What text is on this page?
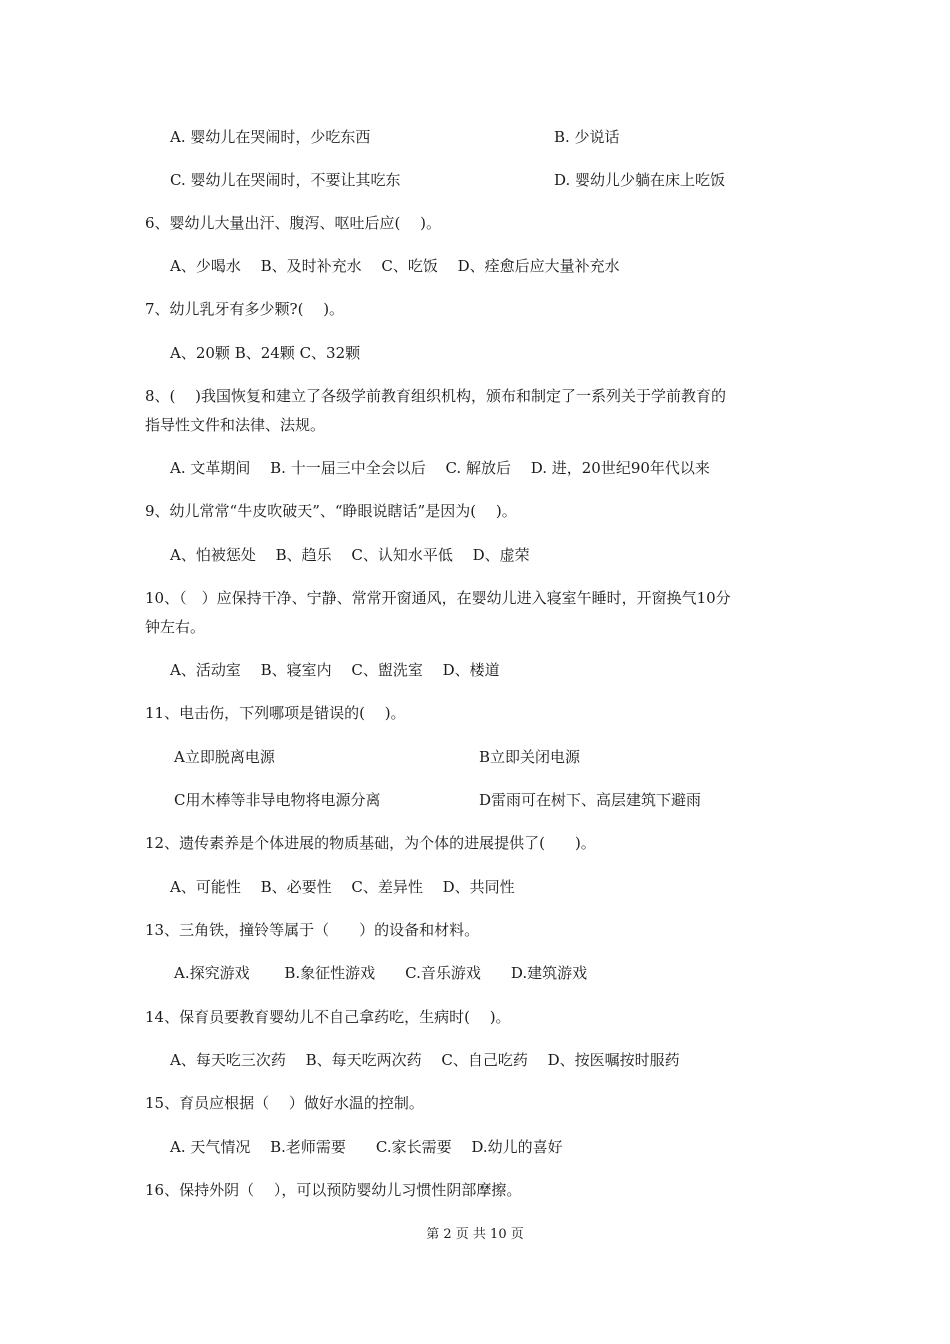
A. 婴幼儿在哭闹时，少吃东西	B. 少说话
C. 婴幼儿在哭闹时，不要让其吃东	D. 婴幼儿少躺在床上吃饭
6、婴幼儿大量出汗、腹泻、呕吐后应(　 )。
A、少喝水　 B、及时补充水　 C、吃饭　 D、痊愈后应大量补充水
7、幼儿乳牙有多少颗?(　 )。
A、20颗 B、24颗 C、32颗
8、(　 )我国恢复和建立了各级学前教育组织机构，颁布和制定了一系列关于学前教育的
指导性文件和法律、法规。
A. 文革期间　 B. 十一届三中全会以后　 C. 解放后　 D. 进，20世纪90年代以来
9、幼儿常常“牛皮吹破天”、“睁眼说瞎话”是因为(　 )。
A、怕被惩处　 B、趋乐　 C、认知水平低　 D、虚荣
10、（　）应保持干净、宁静、常常开窗通风，在婴幼儿进入寝室午睡时，开窗换气10分
钟左右。
A、活动室　 B、寝室内　 C、盥洗室　 D、楼道
11、电击伤，下列哪项是错误的(　 )。
A立即脱离电源	B立即关闭电源
C用木棒等非导电物将电源分离	D雷雨可在树下、高层建筑下避雨
12、遗传素养是个体进展的物质基础，为个体的进展提供了(　　)。
A、可能性　 B、必要性　 C、差异性　 D、共同性
13、三角铁，撞铃等属于（　　）的设备和材料。
A.探究游戏　　 B.象征性游戏　　C.音乐游戏　　D.建筑游戏
14、保育员要教育婴幼儿不自己拿药吃，生病时(　 )。
A、每天吃三次药　 B、每天吃两次药　 C、自己吃药　 D、按医嘱按时服药
15、育员应根据（　 ）做好水温的控制。
A. 天气情况　 B.老师需要　　C.家长需要　 D.幼儿的喜好
16、保持外阴（　 ），可以预防婴幼儿习惯性阴部摩擦。
第 2 页 共 10 页
